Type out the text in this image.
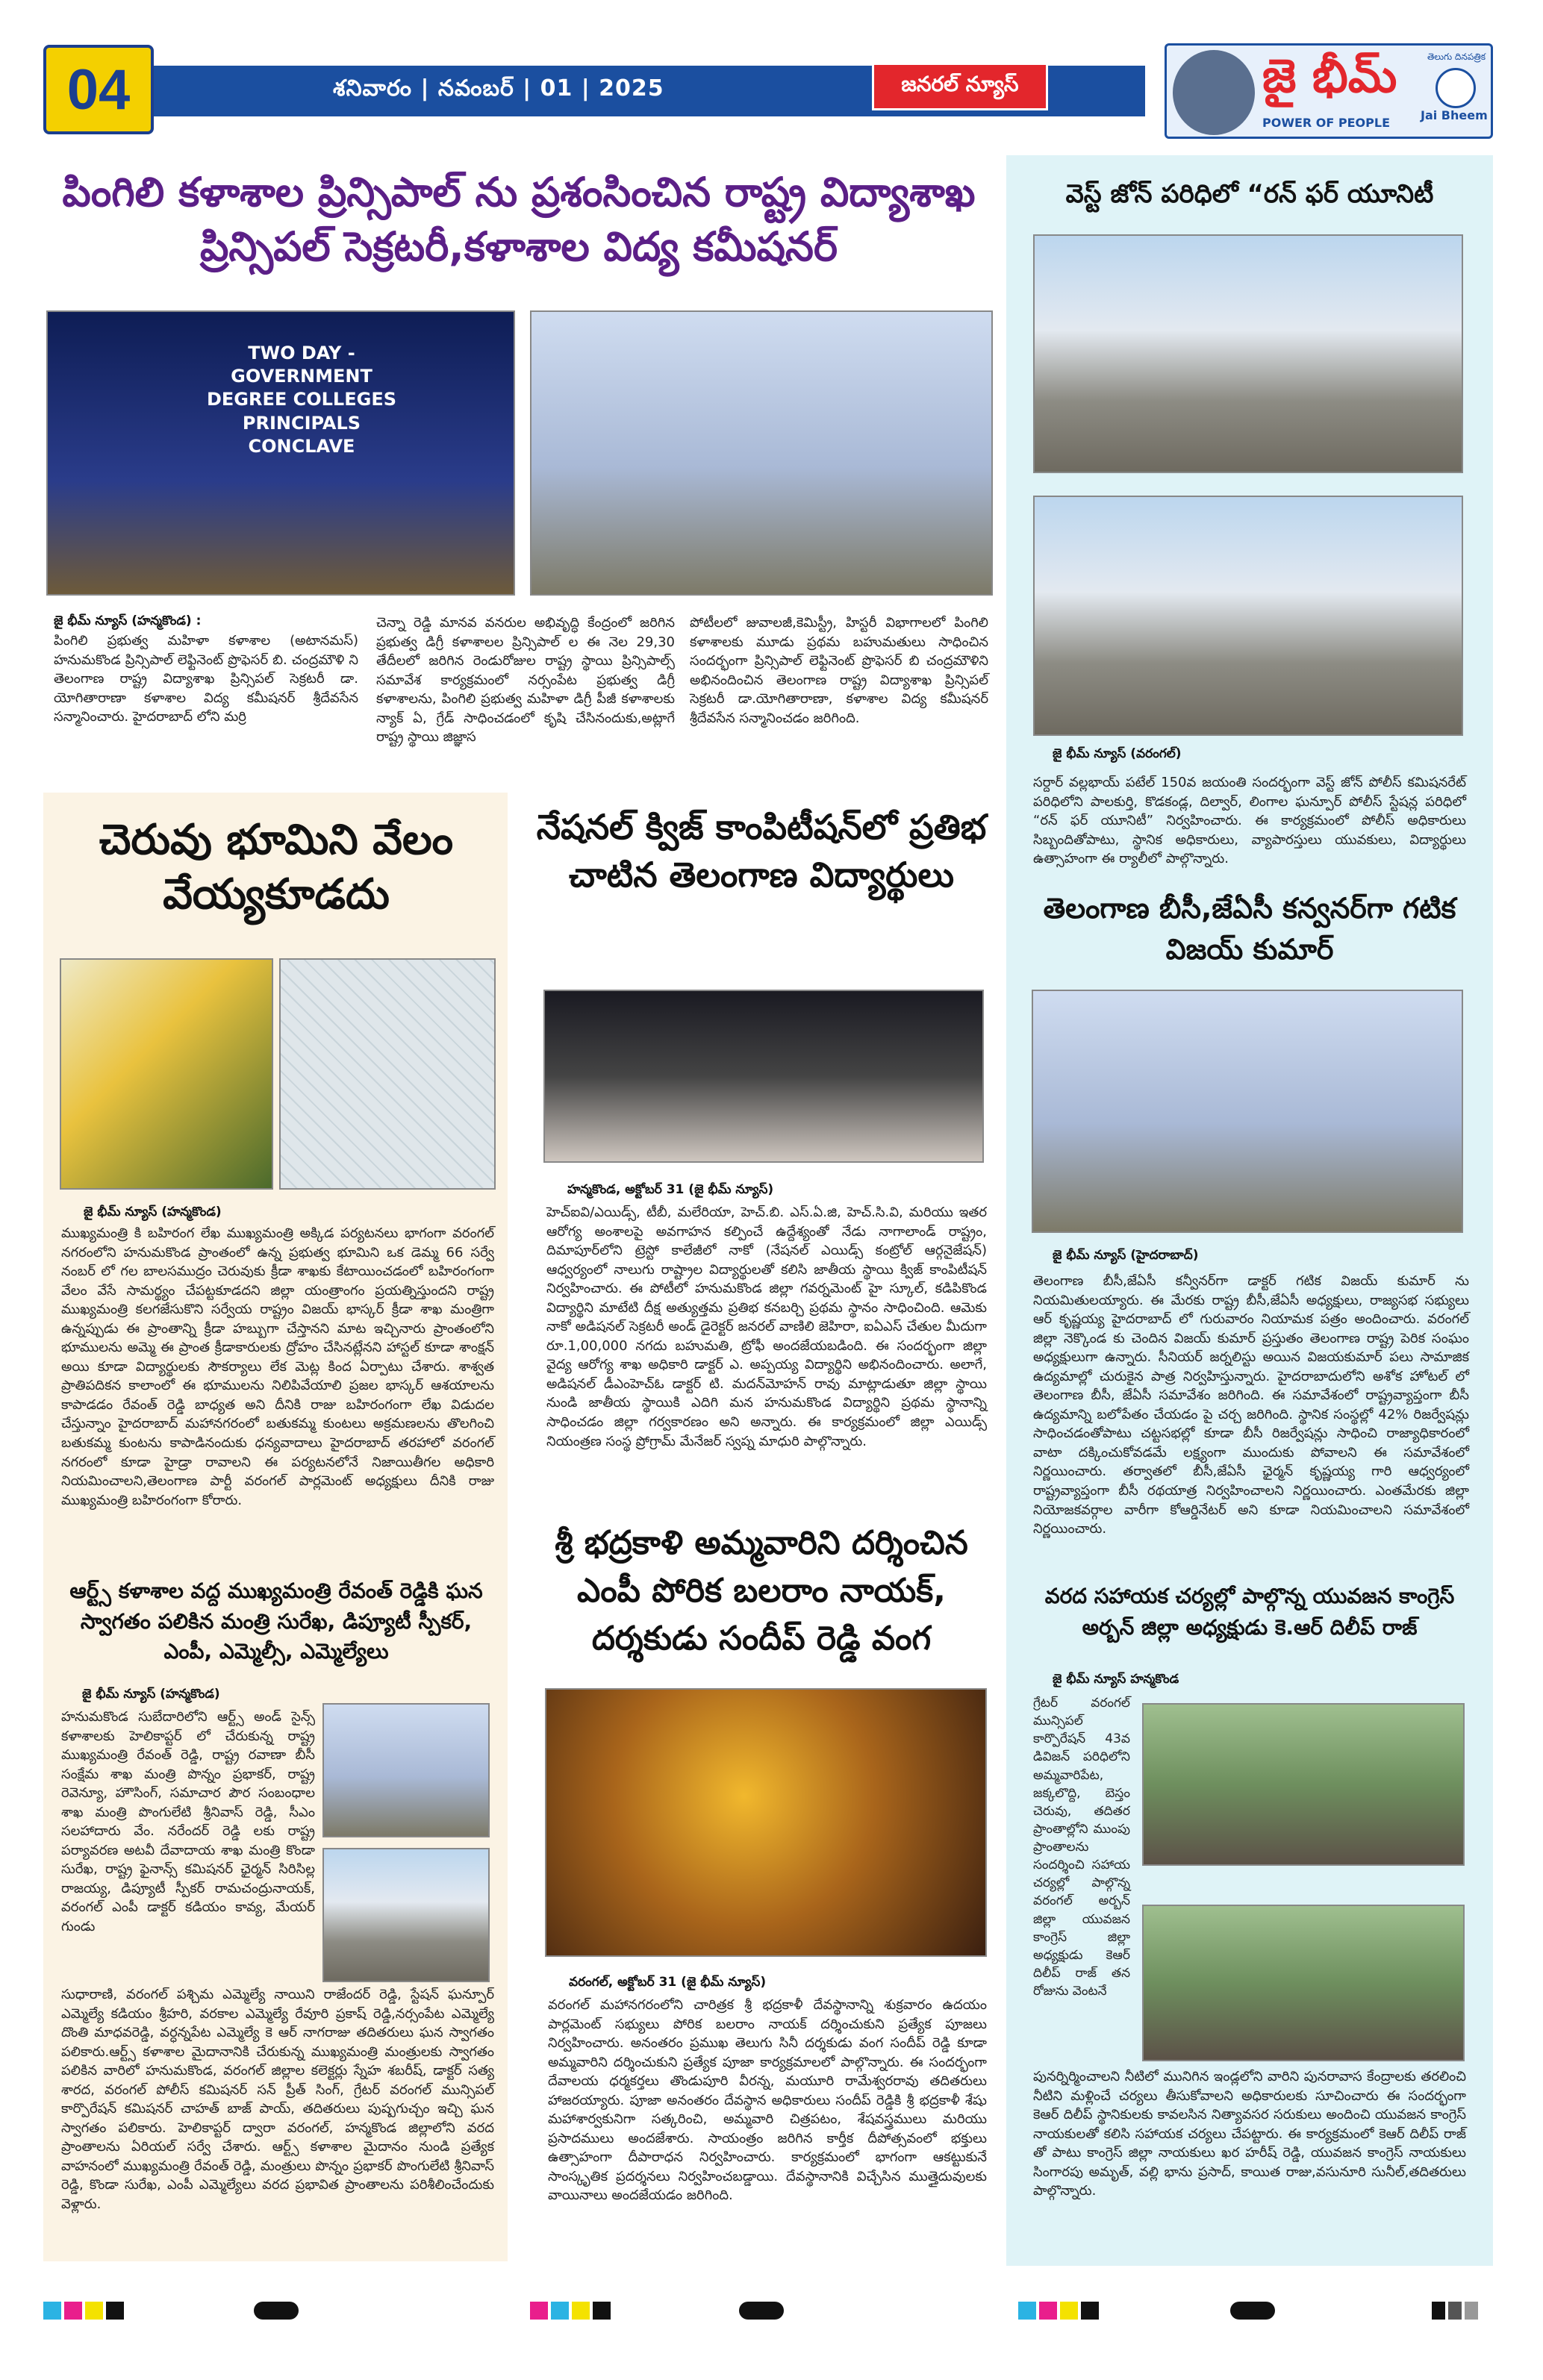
04	శనివారం | నవంబర్ | 01 | 2025	జనరల్ న్యూస్	జై భీమ్
POWER OF PEOPLE
తెలుగు దినపత్రిక
Jai Bheem
పింగిలి కళాశాల ప్రిన్సిపాల్ ను ప్రశంసించిన రాష్ట్ర విద్యాశాఖ ప్రిన్సిపల్ సెక్రటరీ,కళాశాల విద్య కమీషనర్
TWO DAY - GOVERNMENT DEGREE COLLEGES PRINCIPALS CONCLAVE
జై భీమ్ న్యూస్ (హన్మకొండ) :
పింగిలి ప్రభుత్వ మహిళా కళాశాల (అటానమస్) హనుమకొండ ప్రిన్సిపాల్ లెఫ్టినెంట్ ప్రొఫెసర్ బి. చంద్రమౌళి ని తెలంగాణ రాష్ట్ర విద్యాశాఖ ప్రిన్సిపల్ సెక్రటరీ డా. యోగితారాణా కళాశాల విద్య కమీషనర్ శ్రీదేవసేన సన్మానించారు. హైదరాబాద్ లోని మర్రి
చెన్నా రెడ్డి మానవ వనరుల అభివృద్ధి కేంద్రంలో జరిగిన ప్రభుత్వ డిగ్రీ కళాశాలల ప్రిన్సిపాల్ ల ఈ నెల 29,30 తేదీలలో జరిగిన రెండురోజుల రాష్ట్ర స్థాయి ప్రిన్సిపాల్స్ సమావేశ కార్యక్రమంలో నర్సంపేట ప్రభుత్వ డిగ్రీ కళాశాలను, పింగిలి ప్రభుత్వ మహిళా డిగ్రీ పీజీ కళాశాలకు న్యాక్ ఏ, గ్రేడ్ సాధించడంలో కృషి చేసినందుకు,అట్లాగే రాష్ట్ర స్థాయి జిజ్ఞాస
పోటీలలో జువాలజీ,కెమిస్ట్రీ, హిస్టరీ విభాగాలలో పింగిలి కళాశాలకు మూడు ప్రథమ బహుమతులు సాధించిన సందర్భంగా ప్రిన్సిపాల్ లెఫ్టినెంట్ ప్రొఫెసర్ బి చంద్రమౌళిని అభినందించిన తెలంగాణ రాష్ట్ర విద్యాశాఖ ప్రిన్సిపల్ సెక్రటరీ డా.యోగితారాణా, కళాశాల విద్య కమీషనర్ శ్రీదేవసేన సన్మానించడం జరిగింది.
చెరువు భూమిని వేలం వేయ్యకూడదు
జై భీమ్ న్యూస్ (హన్మకొండ)
ముఖ్యమంత్రి కి బహిరంగ లేఖ ముఖ్యమంత్రి అక్కిడ పర్యటనలు భాగంగా వరంగల్ నగరంలోని హనుమకొండ ప్రాంతంలో ఉన్న ప్రభుత్వ భూమిని ఒక డెమ్మ 66 సర్వే నంబర్ లో గల బాలసముద్రం చెరువుకు క్రీడా శాఖకు కేటాయించడంలో బహిరంగంగా వేలం వేసే సామర్థ్యం చేపట్టకూడదని జిల్లా యంత్రాంగం ప్రయత్నిస్తుందని రాష్ట్ర ముఖ్యమంత్రి కలగజేసుకొని సర్వేయ రాష్ట్రం విజయ్ భాస్కర్ క్రీడా శాఖ మంత్రిగా ఉన్నప్పుడు ఈ ప్రాంతాన్ని క్రీడా హబ్బుగా చేస్తానని మాట ఇచ్చినారు ప్రాంతంలోని భూములను అమ్మె ఈ ప్రాంత క్రీడాకారులకు ద్రోహం చేసినట్లేనని హాస్టల్ కూడా శాంక్షన్ అయి కూడా విద్యార్థులకు సౌకర్యాలు లేక మెట్ల కింద ఏర్పాటు చేశారు. శాశ్వత ప్రాతిపదికన కాలాంలో ఈ భూములను నిలిపివేయాలి ప్రజల భాస్కర్ ఆశయాలను కాపాడడం రేవంత్ రెడ్డి బాధ్యత అని దీనికి రాజు బహిరంగంగా లేఖ విడుదల చేస్తున్నాం హైదరాబాద్ మహానగరంలో బతుకమ్మ కుంటలు అక్రమణలను తొలగించి బతుకమ్మ కుంటను కాపాడినందుకు ధన్యవాదాలు హైదరాబాద్ తరహాలో వరంగల్ నగరంలో కూడా హైడ్రా రావాలని ఈ పర్యటనలోనే నిజాయితీగల అధికారి నియమించాలని,తెలంగాణ పార్టీ వరంగల్ పార్లమెంట్ అధ్యక్షులు దీనికి రాజు ముఖ్యమంత్రి బహిరంగంగా కోరారు.
ఆర్ట్స్ కళాశాల వద్ద ముఖ్యమంత్రి రేవంత్ రెడ్డికి ఘన స్వాగతం పలికిన మంత్రి సురేఖ, డిప్యూటీ స్పీకర్, ఎంపీ, ఎమ్మెల్సీ, ఎమ్మెల్యేలు
జై భీమ్ న్యూస్ (హన్మకొండ)
హనుమకొండ సుబేదారిలోని ఆర్ట్స్ అండ్ సైన్స్ కళాశాలకు హెలికాప్టర్ లో చేరుకున్న రాష్ట్ర ముఖ్యమంత్రి రేవంత్ రెడ్డి, రాష్ట్ర రవాణా బీసీ సంక్షేమ శాఖ మంత్రి పొన్నం ప్రభాకర్, రాష్ట్ర రెవెన్యూ, హౌసింగ్, సమాచార పౌర సంబంధాల శాఖ మంత్రి పొంగులేటి శ్రీనివాస్ రెడ్డి, సీఎం సలహాదారు వేం. నరేందర్ రెడ్డి లకు రాష్ట్ర పర్యావరణ అటవీ దేవాదాయ శాఖ మంత్రి కొండా సురేఖ, రాష్ట్ర ఫైనాన్స్ కమిషనర్ ఛైర్మన్ సిరిసిల్ల రాజయ్య, డిప్యూటీ స్పీకర్ రామచంద్రునాయక్, వరంగల్ ఎంపీ డాక్టర్ కడియం కావ్య, మేయర్ గుండు
సుధారాణి, వరంగల్ పశ్చిమ ఎమ్మెల్యే నాయిని రాజేందర్ రెడ్డి, స్టేషన్ ఘన్పూర్ ఎమ్మెల్యే కడియం శ్రీహరి, వరకాల ఎమ్మెల్యే రేవూరి ప్రకాష్ రెడ్డి,నర్సంపేట ఎమ్మెల్యే దొంతి మాధవరెడ్డి, వర్ధన్నపేట ఎమ్మెల్యే కె ఆర్ నాగరాజు తదితరులు ఘన స్వాగతం పలికారు.ఆర్ట్స్ కళాశాల మైదానానికి చేరుకున్న ముఖ్యమంత్రి మంత్రులకు స్వాగతం పలికిన వారిలో హనుమకొండ, వరంగల్ జిల్లాల కలెక్టర్లు స్నేహ శబరీష్, డాక్టర్ సత్య శారద, వరంగల్ పోలీస్ కమిషనర్ సన్ ప్రీత్ సింగ్, గ్రేటర్ వరంగల్ మున్సిపల్ కార్పొరేషన్ కమిషనర్ చాహత్ బాజ్ పాయ్, తదితరులు పుష్పగుచ్చం ఇచ్చి ఘన స్వాగతం పలికారు. హెలికాప్టర్ ద్వారా వరంగల్, హన్మకొండ జిల్లాలోని వరద ప్రాంతాలను ఏరియల్ సర్వే చేశారు. ఆర్ట్స్ కళాశాల మైదానం నుండి ప్రత్యేక వాహనంలో ముఖ్యమంత్రి రేవంత్ రెడ్డి, మంత్రులు పొన్నం ప్రభాకర్ పొంగులేటి శ్రీనివాస్ రెడ్డి, కొండా సురేఖ, ఎంపీ ఎమ్మెల్యేలు వరద ప్రభావిత ప్రాంతాలను పరిశీలించేందుకు వెళ్లారు.
నేషనల్ క్విజ్ కాంపిటీషన్‌లో ప్రతిభ చాటిన తెలంగాణ విద్యార్థులు
హన్మకొండ, అక్టోబర్ 31 (జై భీమ్ న్యూస్)
హెచ్ఐవి/ఎయిడ్స్, టీబీ, మలేరియా, హెచ్.బి. ఎస్.ఏ.జి, హెచ్.సి.వి, మరియు ఇతర ఆరోగ్య అంశాలపై అవగాహన కల్పించే ఉద్దేశ్యంతో నేడు నాగాలాండ్ రాష్ట్రం, దిమాపూర్‌లోని ట్రెస్టో కాలేజీలో నాకో (నేషనల్ ఎయిడ్స్ కంట్రోల్ ఆర్గనైజేషన్) ఆధ్వర్యంలో నాలుగు రాష్ట్రాల విద్యార్థులతో కలిసి జాతీయ స్థాయి క్విజ్ కాంపిటీషన్ నిర్వహించారు. ఈ పోటీలో హనుమకొండ జిల్లా గవర్నమెంట్ హై స్కూల్, కడిపికొండ విద్యార్థిని మాటేటి దీక్ష అత్యుత్తమ ప్రతిభ కనబర్చి ప్రథమ స్థానం సాధించింది. ఆమెకు నాకో అడిషనల్ సెక్రటరీ అండ్ డైరెక్టర్ జనరల్ వాణిలి జెహిరా, ఐఏఎస్ చేతుల మీదుగా రూ.1,00,000 నగదు బహుమతి, ట్రోఫీ అందజేయబడింది. ఈ సందర్భంగా జిల్లా వైద్య ఆరోగ్య శాఖ అధికారి డాక్టర్ ఎ. అప్పయ్య విద్యార్థిని అభినందించారు. అలాగే, అడిషనల్ డీఎంహెచ్ఓ డాక్టర్ టి. మదన్‌మోహన్ రావు మాట్లాడుతూ జిల్లా స్థాయి నుండి జాతీయ స్థాయికి ఎదిగి మన హనుమకొండ విద్యార్థిని ప్రథమ స్థానాన్ని సాధించడం జిల్లా గర్వకారణం అని అన్నారు. ఈ కార్యక్రమంలో జిల్లా ఎయిడ్స్ నియంత్రణ సంస్థ ప్రోగ్రామ్ మేనేజర్ స్వప్న మాధురి పాల్గొన్నారు.
శ్రీ భద్రకాళి అమ్మవారిని దర్శించిన ఎంపీ పోరిక బలరాం నాయక్, దర్శకుడు సందీప్ రెడ్డి వంగ
వరంగల్, అక్టోబర్ 31 (జై భీమ్ న్యూస్)
వరంగల్ మహానగరంలోని చారిత్రక శ్రీ భద్రకాళీ దేవస్థానాన్ని శుక్రవారం ఉదయం పార్లమెంట్ సభ్యులు పోరిక బలరాం నాయక్ దర్శించుకుని ప్రత్యేక పూజలు నిర్వహించారు. అనంతరం ప్రముఖ తెలుగు సినీ దర్శకుడు వంగ సందీప్ రెడ్డి కూడా అమ్మవారిని దర్శించుకుని ప్రత్యేక పూజా కార్యక్రమాలలో పాల్గొన్నారు. ఈ సందర్భంగా దేవాలయ ధర్మకర్తలు తొండుపూరి వీరన్న, మయూరి రామేశ్వరరావు తదితరులు హాజరయ్యారు. పూజా అనంతరం దేవస్థాన అధికారులు సందీప్ రెడ్డికి శ్రీ భద్రకాళీ శేషు మహాశార్వకునిగా సత్కరించి, అమ్మవారి చిత్రపటం, శేషవస్త్రములు మరియు ప్రసాదములు అందజేశారు. సాయంత్రం జరిగిన కార్తీక దీపోత్సవంలో భక్తులు ఉత్సాహంగా దీపారాధన నిర్వహించారు. కార్యక్రమంలో భాగంగా ఆకట్టుకునే సాంస్కృతిక ప్రదర్శనలు నిర్వహించబడ్డాయి. దేవస్థానానికి విచ్చేసిన ముత్తైదువులకు వాయినాలు అందజేయడం జరిగింది.
వెస్ట్ జోన్ పరిధిలో “రన్ ఫర్ యూనిటీ
జై భీమ్ న్యూస్ (వరంగల్)
సర్దార్ వల్లభాయ్ పటేల్ 150వ జయంతి సందర్భంగా వెస్ట్ జోన్ పోలీస్ కమిషనరేట్ పరిధిలోని పాలకుర్తి, కొడకండ్ల, దిల్వార్, లింగాల ఘన్పూర్ పోలీస్ స్టేషన్ల పరిధిలో “రన్ ఫర్ యూనిటీ” నిర్వహించారు. ఈ కార్యక్రమంలో పోలీస్ అధికారులు సిబ్బందితోపాటు, స్థానిక అధికారులు, వ్యాపారస్తులు యువకులు, విద్యార్థులు ఉత్సాహంగా ఈ ర్యాలీలో పాల్గొన్నారు.
తెలంగాణ బీసీ,జేఏసీ కన్వనర్‌గా గటిక విజయ్ కుమార్
జై భీమ్ న్యూస్ (హైదరాబాద్)
తెలంగాణ బీసీ,జేఏసీ కన్వీనర్‌గా డాక్టర్ గటిక విజయ్ కుమార్ ను నియమితులయ్యారు. ఈ మేరకు రాష్ట్ర బీసీ,జేఏసీ అధ్యక్షులు, రాజ్యసభ సభ్యులు ఆర్ కృష్ణయ్య హైదరాబాద్ లో గురువారం నియామక పత్రం అందించారు. వరంగల్ జిల్లా నెక్కొండ కు చెందిన విజయ్ కుమార్ ప్రస్తుతం తెలంగాణ రాష్ట్ర పెరిక సంఘం అధ్యక్షులుగా ఉన్నారు. సీనియర్ జర్నలిస్టు అయిన విజయకుమార్ పలు సామాజిక ఉద్యమాల్లో చురుకైన పాత్ర నిర్వహిస్తున్నారు. హైదరాబాదులోని అశోక హోటల్ లో తెలంగాణ బీసీ, జేఏసీ సమావేశం జరిగింది. ఈ సమావేశంలో రాష్ట్రవ్యాప్తంగా బీసీ ఉద్యమాన్ని బలోపేతం చేయడం పై చర్చ జరిగింది. స్థానిక సంస్థల్లో 42% రిజర్వేషన్లు సాధించడంతోపాటు చట్టసభల్లో కూడా బీసీ రిజర్వేషన్లు సాధించి రాజ్యాధికారంలో వాటా దక్కించుకోవడమే లక్ష్యంగా ముందుకు పోవాలని ఈ సమావేశంలో నిర్ణయించారు. తర్వాతలో బీసీ,జేఏసీ ఛైర్మన్ కృష్ణయ్య గారి ఆధ్వర్యంలో రాష్ట్రవ్యాప్తంగా బీసీ రథయాత్ర నిర్వహించాలని నిర్ణయించారు. ఎంతమేరకు జిల్లా నియోజకవర్గాల వారీగా కోఆర్డినేటర్ అని కూడా నియమించాలని సమావేశంలో నిర్ణయించారు.
వరద సహాయక చర్యల్లో పాల్గొన్న యువజన కాంగ్రెస్ అర్బన్ జిల్లా అధ్యక్షుడు కె.ఆర్ దిలీప్ రాజ్
జై భీమ్ న్యూస్ హన్మకొండ
గ్రేటర్ వరంగల్ మున్సిపల్ కార్పొరేషన్ 43వ డివిజన్ పరిధిలోని అమ్మవారిపేట, జక్కలొద్ది, బెస్తం చెరువు, తదితర ప్రాంతాల్లోని ముంపు ప్రాంతాలను సందర్శించి సహాయ చర్యల్లో పాల్గొన్న వరంగల్ అర్బన్ జిల్లా యువజన కాంగ్రెస్ జిల్లా అధ్యక్షుడు కెఆర్ దిలీప్ రాజ్ తన రోజును వెంటనే
పునర్నిర్మించాలని నీటిలో మునిగిన ఇండ్లలోని వారిని పునరావాస కేంద్రాలకు తరలించి నీటిని మళ్లించే చర్యలు తీసుకోవాలని అధికారులకు సూచించారు ఈ సందర్భంగా కెఆర్ దిలీప్ స్థానికులకు కావలసిన నిత్యావసర సరుకులు అందించి యువజన కాంగ్రెస్ నాయకులతో కలిసి సహాయక చర్యలు చేపట్టారు. ఈ కార్యక్రమంలో కెఆర్ దిలీప్ రాజ్ తో పాటు కాంగ్రెస్ జిల్లా నాయకులు ఖర హరీష్ రెడ్డి, యువజన కాంగ్రెస్ నాయకులు సింగారపు అమృత్, వల్లి భాను ప్రసాద్, కాయిత రాజు,వసునూరి సునీల్,తదితరులు పాల్గొన్నారు.
